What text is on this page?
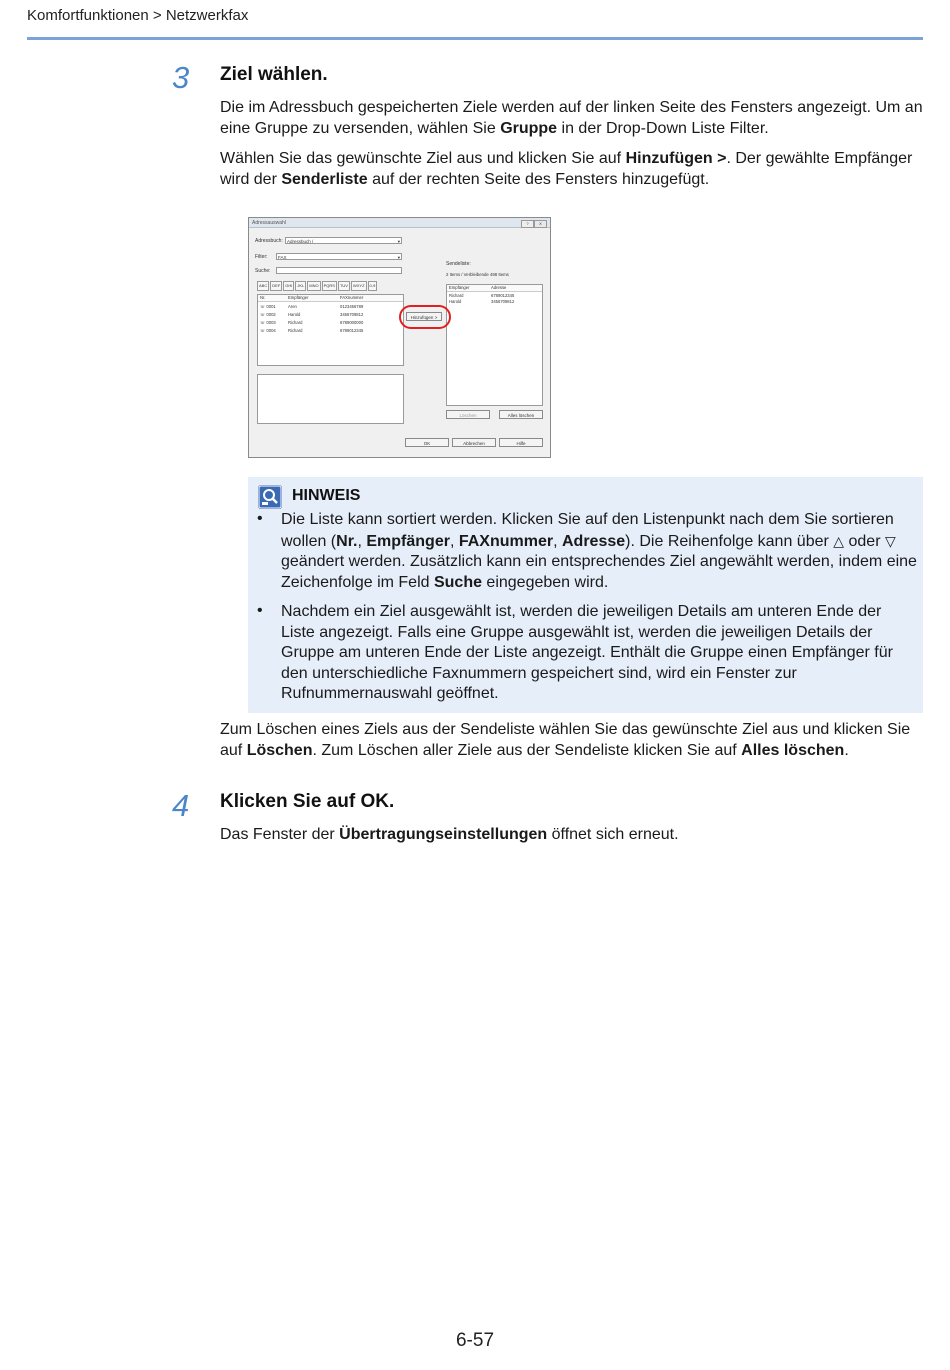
Komfortfunktionen > Netzwerkfax
3 Ziel wählen.
Die im Adressbuch gespeicherten Ziele werden auf der linken Seite des Fensters angezeigt. Um an eine Gruppe zu versenden, wählen Sie Gruppe in der Drop-Down Liste Filter.
Wählen Sie das gewünschte Ziel aus und klicken Sie auf Hinzufügen >. Der gewählte Empfänger wird der Senderliste auf der rechten Seite des Fensters hinzugefügt.
Adressauswahl	?	X
Adressbuch: Adressbuch /	▾
Filter:	FAX	▾
Suche:
ABC	DEF	GHI	JKL	MNO	PQRS	TUV	WXYZ	0-9
Nr.	Empfänger	FAXnummer
☏ 0001	Aren	0123456789
☏ 0002	Harold	3456709812
☏ 0003	Richard	6789000000
☏ 0004	Richard	6789012345
Sendeliste:
2 Items / Verbleibende 498 Items
Empfänger	Adresse
Richard	6789012345
Harold	3456709812
Hinzufügen >
Löschen	Alles löschen
OK	Abbrechen	Hilfe
HINWEIS
• Die Liste kann sortiert werden. Klicken Sie auf den Listenpunkt nach dem Sie sortieren wollen (Nr., Empfänger, FAXnummer, Adresse). Die Reihenfolge kann über △ oder ▽ geändert werden. Zusätzlich kann ein entsprechendes Ziel angewählt werden, indem eine Zeichenfolge im Feld Suche eingegeben wird.
• Nachdem ein Ziel ausgewählt ist, werden die jeweiligen Details am unteren Ende der Liste angezeigt. Falls eine Gruppe ausgewählt ist, werden die jeweiligen Details der Gruppe am unteren Ende der Liste angezeigt. Enthält die Gruppe einen Empfänger für den unterschiedliche Faxnummern gespeichert sind, wird ein Fenster zur Rufnummernauswahl geöffnet.
Zum Löschen eines Ziels aus der Sendeliste wählen Sie das gewünschte Ziel aus und klicken Sie auf Löschen. Zum Löschen aller Ziele aus der Sendeliste klicken Sie auf Alles löschen.
4 Klicken Sie auf OK.
Das Fenster der Übertragungseinstellungen öffnet sich erneut.
6-57
